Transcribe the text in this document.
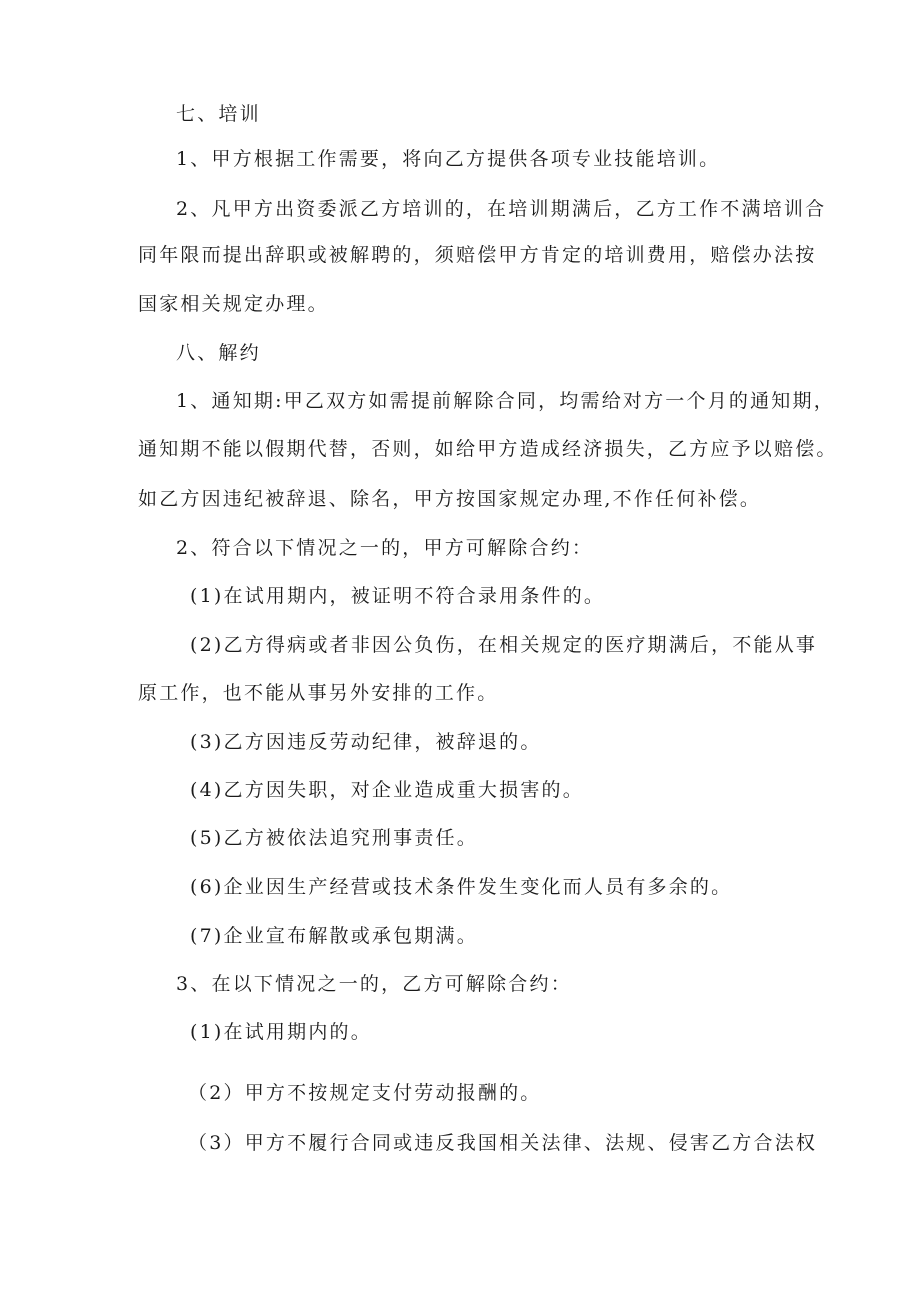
七、培训

1、甲方根据工作需要，将向乙方提供各项专业技能培训。

2、凡甲方出资委派乙方培训的，在培训期满后，乙方工作不满培训合

同年限而提出辞职或被解聘的，须赔偿甲方肯定的培训费用，赔偿办法按

国家相关规定办理。

八、解约

1、通知期:甲乙双方如需提前解除合同，均需给对方一个月的通知期，

通知期不能以假期代替，否则，如给甲方造成经济损失，乙方应予以赔偿。

如乙方因违纪被辞退、除名，甲方按国家规定办理,不作任何补偿。

2、符合以下情况之一的，甲方可解除合约：

(1)在试用期内，被证明不符合录用条件的。

(2)乙方得病或者非因公负伤，在相关规定的医疗期满后，不能从事

原工作，也不能从事另外安排的工作。

(3)乙方因违反劳动纪律，被辞退的。

(4)乙方因失职，对企业造成重大损害的。

(5)乙方被依法追究刑事责任。

(6)企业因生产经营或技术条件发生变化而人员有多余的。

(7)企业宣布解散或承包期满。

3、在以下情况之一的，乙方可解除合约：

(1)在试用期内的。

（2）甲方不按规定支付劳动报酬的。

（3）甲方不履行合同或违反我国相关法律、法规、侵害乙方合法权
